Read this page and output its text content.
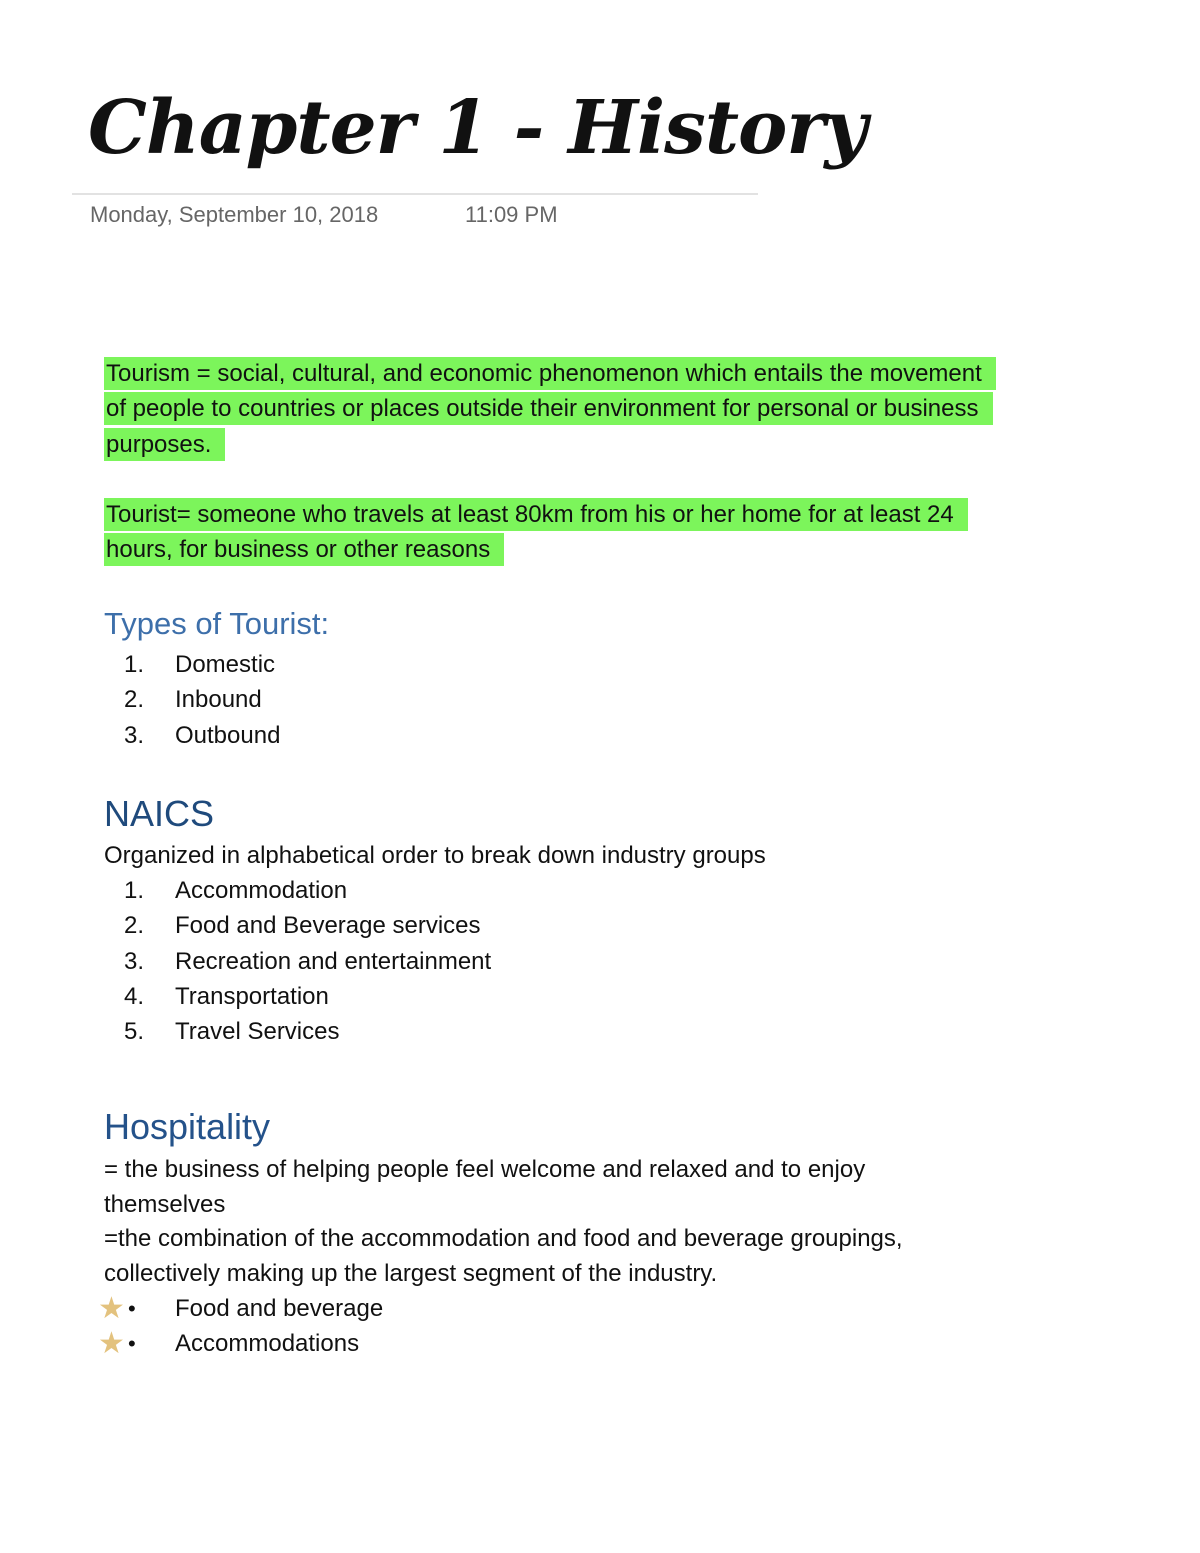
Chapter 1 - History
Monday, September 10, 2018	11:09 PM
Tourism = social, cultural, and economic phenomenon which entails the movement of people to countries or places outside their environment for personal or business purposes.
Tourist= someone who travels at least 80km from his or her home for at least 24 hours, for business or other reasons
Types of Tourist:
1. Domestic
2. Inbound
3. Outbound
NAICS
Organized in alphabetical order to break down industry groups
1. Accommodation
2. Food and Beverage services
3. Recreation and entertainment
4. Transportation
5. Travel Services
Hospitality
= the business of helping people feel welcome and relaxed and to enjoy
themselves
=the combination of the accommodation and food and beverage groupings,
collectively making up the largest segment of the industry.
★ • Food and beverage
★ • Accommodations
